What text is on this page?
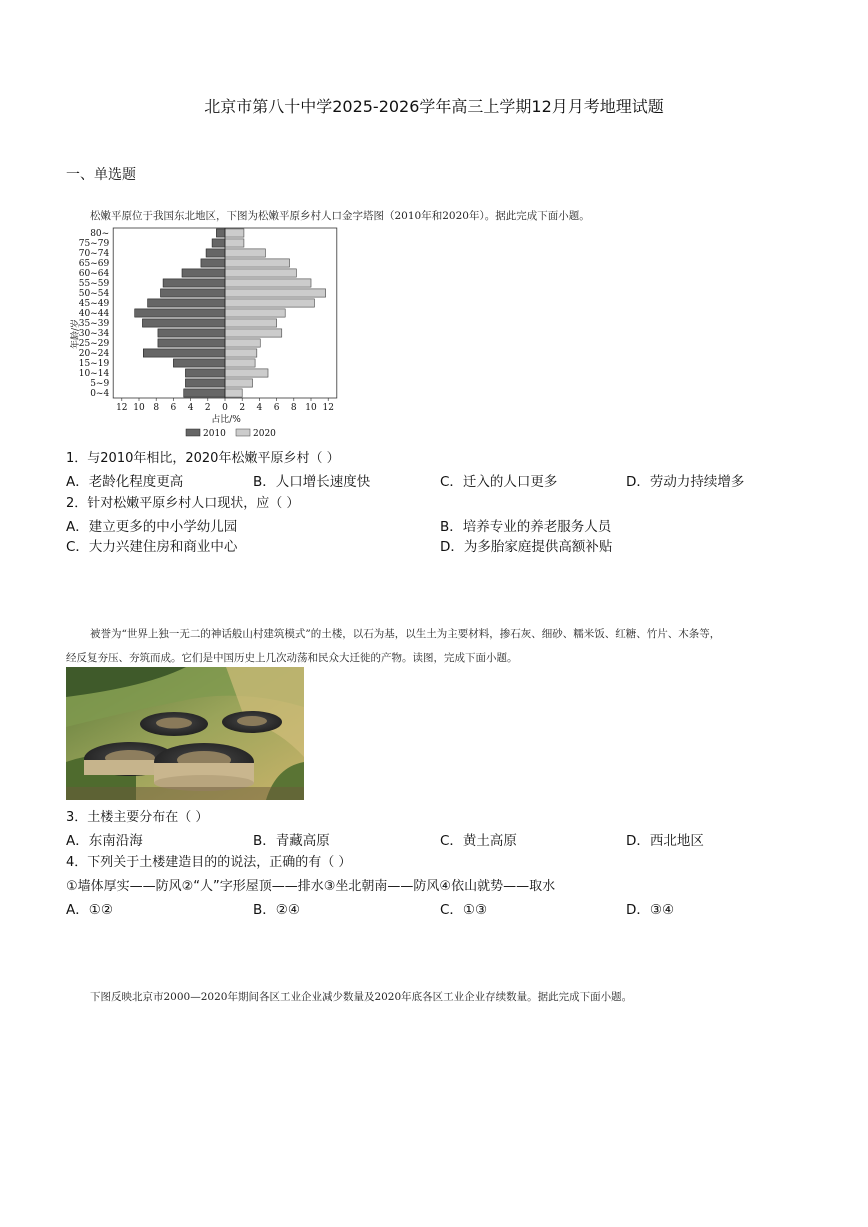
北京市第八十中学2025-2026学年高三上学期12月月考地理试题
一、单选题
松嫩平原位于我国东北地区，下图为松嫩平原乡村人口金字塔图（2010年和2020年）。据此完成下面小题。
0~4
5~9
10~14
15~19
20~24
25~29
30~34
35~39
40~44
45~49
50~54
55~59
60~64
65~69
70~74
75~79
80~
12 10 8 6 4 2 0 2 4 6 8 10 12
2010	2020
年龄/岁
占比/%
1．与2010年相比，2020年松嫩平原乡村（ ）
A．老龄化程度更高	B．人口增长速度快	C．迁入的人口更多	D．劳动力持续增多
2．针对松嫩平原乡村人口现状，应（ ）
A．建立更多的中小学幼儿园	B．培养专业的养老服务人员
C．大力兴建住房和商业中心	D．为多胎家庭提供高额补贴
被誉为“世界上独一无二的神话般山村建筑模式”的土楼，以石为基，以生土为主要材料，掺石灰、细砂、糯米饭、红糖、竹片、木条等，
经反复夯压、夯筑而成。它们是中国历史上几次动荡和民众大迁徙的产物。读图，完成下面小题。
3．土楼主要分布在（ ）
A．东南沿海	B．青藏高原	C．黄土高原	D．西北地区
4．下列关于土楼建造目的的说法，正确的有（ ）
①墙体厚实——防风②“人”字形屋顶——排水③坐北朝南——防风④依山就势——取水
A．①②	B．②④	C．①③	D．③④
下图反映北京市2000—2020年期间各区工业企业减少数量及2020年底各区工业企业存续数量。据此完成下面小题。
